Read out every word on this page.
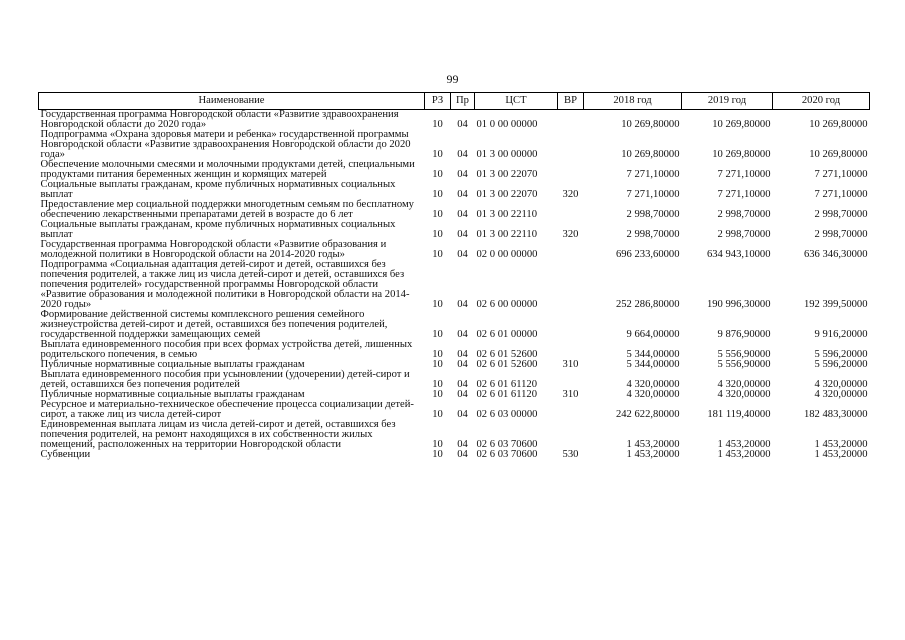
99
Наименование	РЗ	Пр	ЦСТ	ВР	2018 год	2019 год	2020 год
Государственная программа Новгородской области «Развитие здравоохранения Новгородской области до 2020 года»	10	04	01 0 00 00000		10 269,80000	10 269,80000	10 269,80000
Подпрограмма «Охрана здоровья матери и ребенка» государственной программы Новгородской области «Развитие здравоохранения Новгородской области до 2020 года»	10	04	01 3 00 00000		10 269,80000	10 269,80000	10 269,80000
Обеспечение молочными смесями и молочными продуктами детей, специальными продуктами питания беременных женщин и кормящих матерей	10	04	01 3 00 22070		7 271,10000	7 271,10000	7 271,10000
Социальные выплаты гражданам, кроме публичных нормативных социальных выплат	10	04	01 3 00 22070	320	7 271,10000	7 271,10000	7 271,10000
Предоставление мер социальной поддержки многодетным семьям по бесплатному обеспечению лекарственными препаратами детей в возрасте до 6 лет	10	04	01 3 00 22110		2 998,70000	2 998,70000	2 998,70000
Социальные выплаты гражданам, кроме публичных нормативных социальных выплат	10	04	01 3 00 22110	320	2 998,70000	2 998,70000	2 998,70000
Государственная программа Новгородской области «Развитие образования и молодежной политики в Новгородской области на 2014-2020 годы»	10	04	02 0 00 00000		696 233,60000	634 943,10000	636 346,30000
Подпрограмма «Социальная адаптация детей-сирот и детей, оставшихся без попечения родителей, а также лиц из числа детей-сирот и детей, оставшихся без попечения родителей» государственной программы Новгородской области «Развитие образования и молодежной политики в Новгородской области на 2014-2020 годы»	10	04	02 6 00 00000		252 286,80000	190 996,30000	192 399,50000
Формирование действенной системы комплексного решения семейного жизнеустройства детей-сирот и детей, оставшихся без попечения родителей, государственной поддержки замещающих семей	10	04	02 6 01 00000		9 664,00000	9 876,90000	9 916,20000
Выплата единовременного пособия при всех формах устройства детей, лишенных родительского попечения, в семью	10	04	02 6 01 52600		5 344,00000	5 556,90000	5 596,20000
Публичные нормативные социальные выплаты гражданам	10	04	02 6 01 52600	310	5 344,00000	5 556,90000	5 596,20000
Выплата единовременного пособия при усыновлении (удочерении) детей-сирот и детей, оставшихся без попечения родителей	10	04	02 6 01 61120		4 320,00000	4 320,00000	4 320,00000
Публичные нормативные социальные выплаты гражданам	10	04	02 6 01 61120	310	4 320,00000	4 320,00000	4 320,00000
Ресурсное и материально-техническое обеспечение процесса социализации детей-сирот, а также лиц из числа детей-сирот	10	04	02 6 03 00000		242 622,80000	181 119,40000	182 483,30000
Единовременная выплата лицам из числа детей-сирот и детей, оставшихся без попечения родителей, на ремонт находящихся в их собственности жилых помещений, расположенных на территории Новгородской области	10	04	02 6 03 70600		1 453,20000	1 453,20000	1 453,20000
Субвенции	10	04	02 6 03 70600	530	1 453,20000	1 453,20000	1 453,20000
